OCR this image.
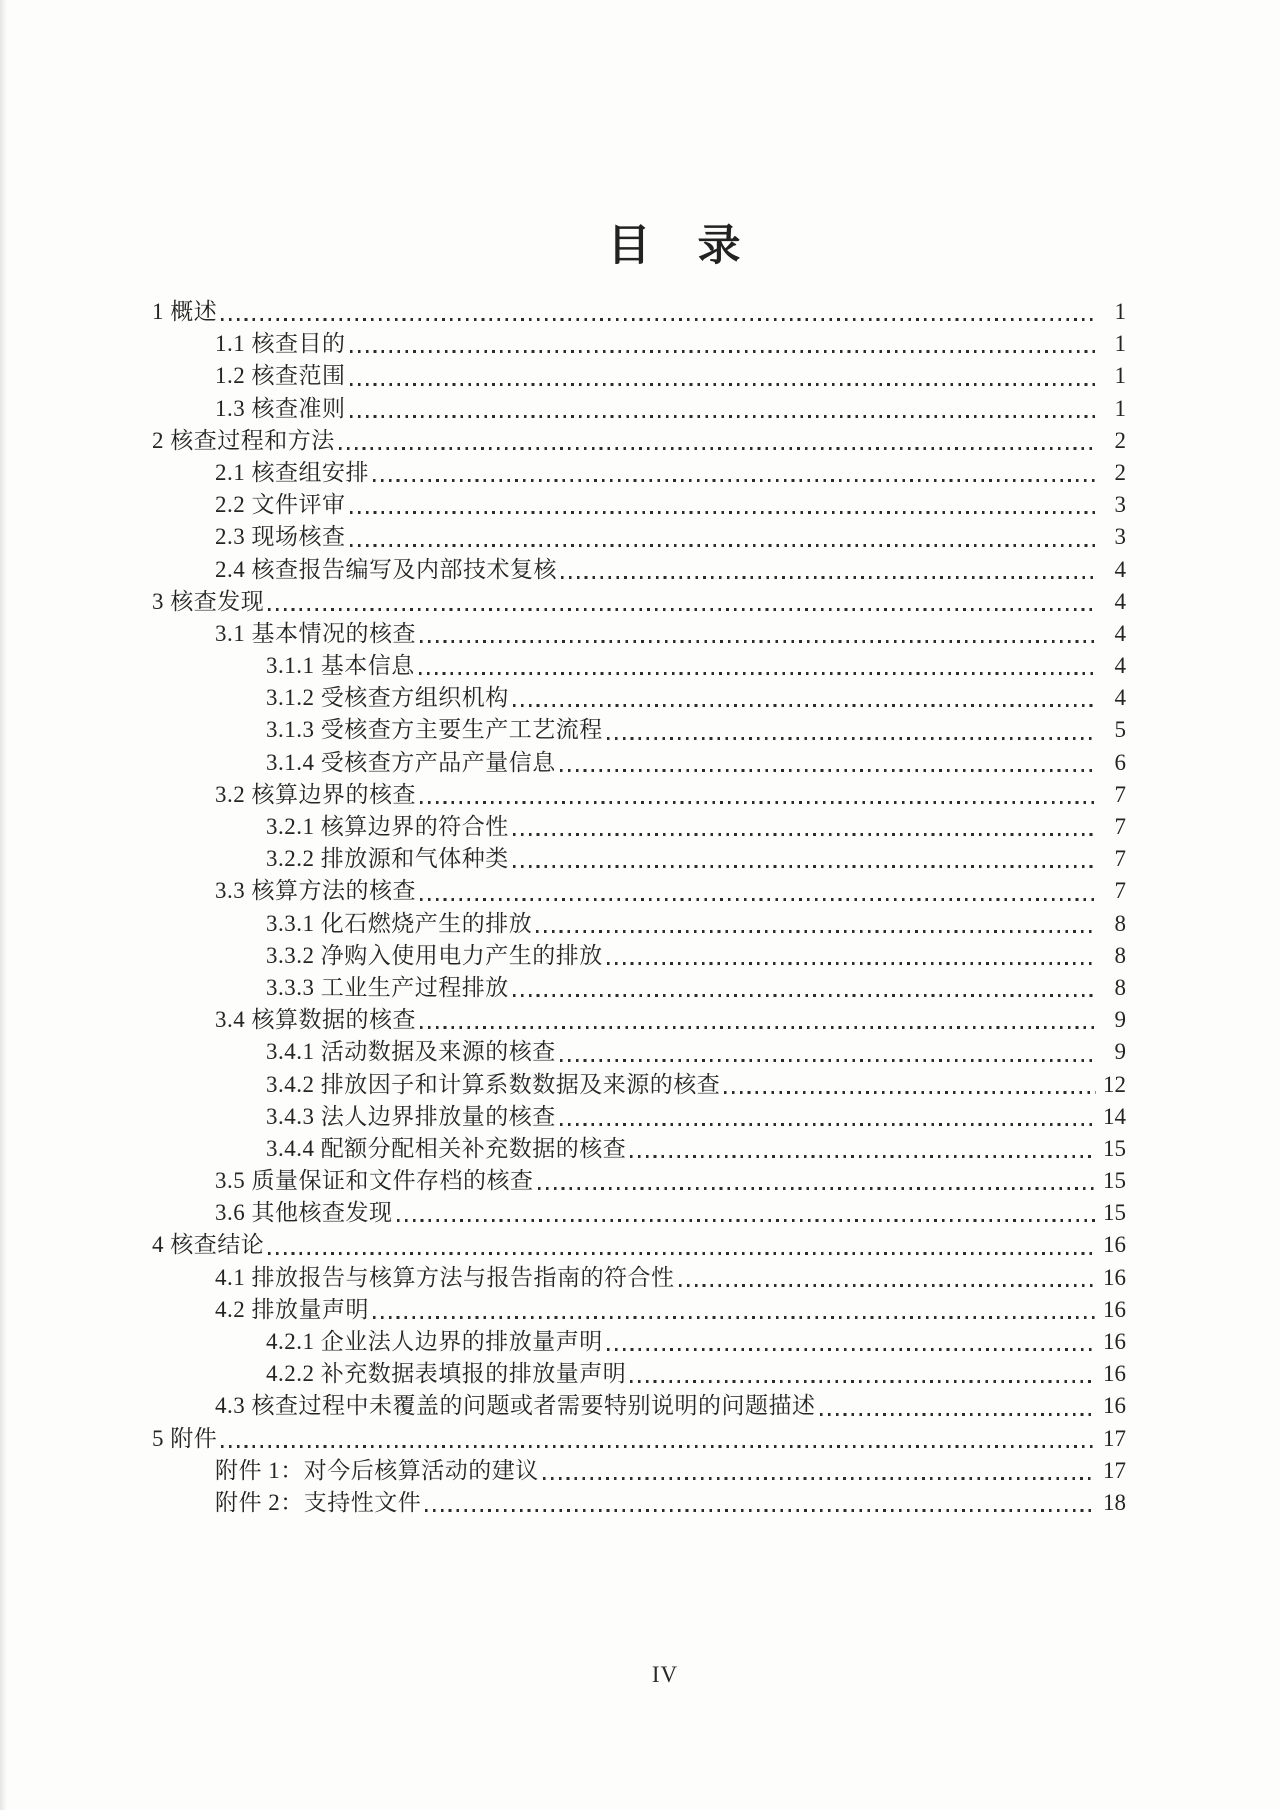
目　录
1 概述	1
1.1 核查目的	1
1.2 核查范围	1
1.3 核查准则	1
2 核查过程和方法	2
2.1 核查组安排	2
2.2 文件评审	3
2.3 现场核查	3
2.4 核查报告编写及内部技术复核	4
3 核查发现	4
3.1 基本情况的核查	4
3.1.1 基本信息	4
3.1.2 受核查方组织机构	4
3.1.3 受核查方主要生产工艺流程	5
3.1.4 受核查方产品产量信息	6
3.2 核算边界的核查	7
3.2.1 核算边界的符合性	7
3.2.2 排放源和气体种类	7
3.3 核算方法的核查	7
3.3.1 化石燃烧产生的排放	8
3.3.2 净购入使用电力产生的排放	8
3.3.3 工业生产过程排放	8
3.4 核算数据的核查	9
3.4.1 活动数据及来源的核查	9
3.4.2 排放因子和计算系数数据及来源的核查	12
3.4.3 法人边界排放量的核查	14
3.4.4 配额分配相关补充数据的核查	15
3.5 质量保证和文件存档的核查	15
3.6 其他核查发现	15
4 核查结论	16
4.1 排放报告与核算方法与报告指南的符合性	16
4.2 排放量声明	16
4.2.1 企业法人边界的排放量声明	16
4.2.2 补充数据表填报的排放量声明	16
4.3 核查过程中未覆盖的问题或者需要特别说明的问题描述	16
5 附件	17
附件 1：对今后核算活动的建议	17
附件 2：支持性文件	18
IV
